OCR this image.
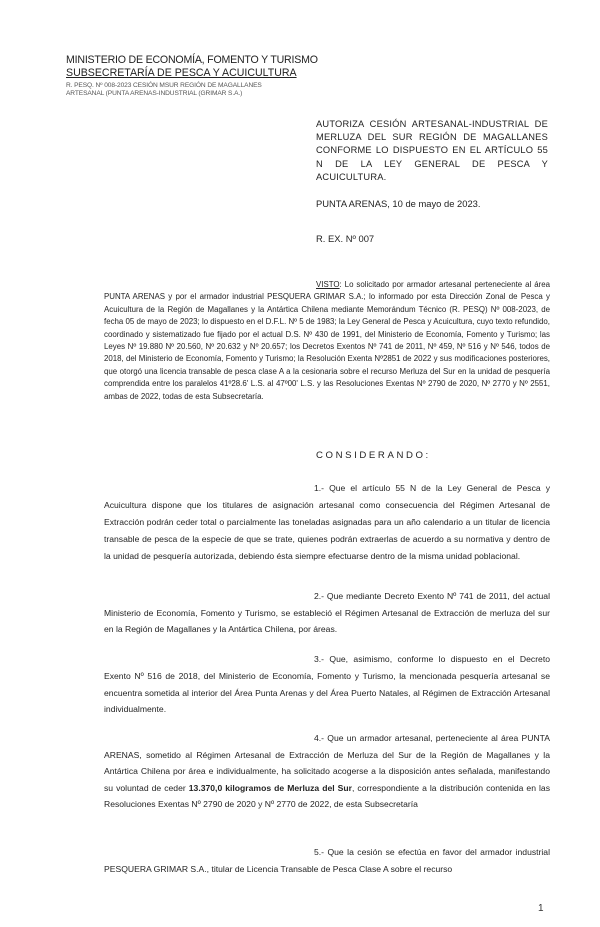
MINISTERIO DE ECONOMÍA, FOMENTO Y TURISMO
SUBSECRETARÍA DE PESCA Y ACUICULTURA
R. PESQ. Nº 008-2023 CESIÓN MSUR REGIÓN DE MAGALLANES
ARTESANAL (PUNTA ARENAS-INDUSTRIAL (GRIMAR S.A.)
AUTORIZA CESIÓN ARTESANAL-INDUSTRIAL DE MERLUZA DEL SUR REGIÓN DE MAGALLANES CONFORME LO DISPUESTO EN EL ARTÍCULO 55 N DE LA LEY GENERAL DE PESCA Y ACUICULTURA.
PUNTA ARENAS, 10 de mayo de 2023.
R. EX. Nº 007
VISTO: Lo solicitado por armador artesanal perteneciente al área PUNTA ARENAS y por el armador industrial PESQUERA GRIMAR S.A.; lo informado por esta Dirección Zonal de Pesca y Acuicultura de la Región de Magallanes y la Antártica Chilena mediante Memorándum Técnico (R. PESQ) Nº 008-2023, de fecha 05 de mayo de 2023; lo dispuesto en el D.F.L. Nº 5 de 1983; la Ley General de Pesca y Acuicultura, cuyo texto refundido, coordinado y sistematizado fue fijado por el actual D.S. Nº 430 de 1991, del Ministerio de Economía, Fomento y Turismo; las Leyes Nº 19.880 Nº 20.560, Nº 20.632 y Nº 20.657; los Decretos Exentos Nº 741 de 2011, Nº 459, Nº 516 y Nº 546, todos de 2018, del Ministerio de Economía, Fomento y Turismo; la Resolución Exenta Nº2851 de 2022 y sus modificaciones posteriores, que otorgó una licencia transable de pesca clase A a la cesionaria sobre el recurso Merluza del Sur en la unidad de pesquería comprendida entre los paralelos 41º28.6' L.S. al 47º00' L.S. y las Resoluciones Exentas Nº 2790 de 2020, Nº 2770 y Nº 2551, ambas de 2022, todas de esta Subsecretaría.
CONSIDERANDO:
1.- Que el artículo 55 N de la Ley General de Pesca y Acuicultura dispone que los titulares de asignación artesanal como consecuencia del Régimen Artesanal de Extracción podrán ceder total o parcialmente las toneladas asignadas para un año calendario a un titular de licencia transable de pesca de la especie de que se trate, quienes podrán extraerlas de acuerdo a su normativa y dentro de la unidad de pesquería autorizada, debiendo ésta siempre efectuarse dentro de la misma unidad poblacional.
2.- Que mediante Decreto Exento Nº 741 de 2011, del actual Ministerio de Economía, Fomento y Turismo, se estableció el Régimen Artesanal de Extracción de merluza del sur en la Región de Magallanes y la Antártica Chilena, por áreas.
3.- Que, asimismo, conforme lo dispuesto en el Decreto Exento Nº 516 de 2018, del Ministerio de Economía, Fomento y Turismo, la mencionada pesquería artesanal se encuentra sometida al interior del Área Punta Arenas y del Área Puerto Natales, al Régimen de Extracción Artesanal individualmente.
4.- Que un armador artesanal, perteneciente al área PUNTA ARENAS, sometido al Régimen Artesanal de Extracción de Merluza del Sur de la Región de Magallanes y la Antártica Chilena por área e individualmente, ha solicitado acogerse a la disposición antes señalada, manifestando su voluntad de ceder 13.370,0 kilogramos de Merluza del Sur, correspondiente a la distribución contenida en las Resoluciones Exentas Nº 2790 de 2020 y Nº 2770 de 2022, de esta Subsecretaría
5.- Que la cesión se efectúa en favor del armador industrial PESQUERA GRIMAR S.A., titular de Licencia Transable de Pesca Clase A sobre el recurso
1
